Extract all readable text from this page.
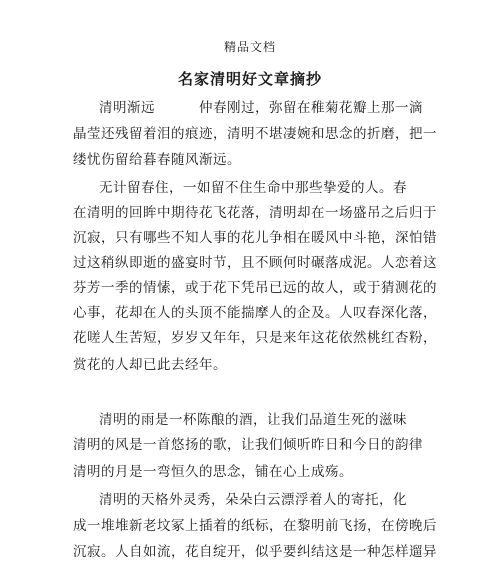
精品文档
名家清明好文章摘抄
清明渐远	仲春刚过，弥留在稚菊花瓣上那一滴
晶莹还残留着泪的痕迹，清明不堪凄婉和思念的折磨，把一
缕忧伤留给暮春随风渐远。
无计留春住，一如留不住生命中那些挚爱的人。春
在清明的回眸中期待花飞花落，清明却在一场盛吊之后归于
沉寂，只有哪些不知人事的花儿争相在暖风中斗艳，深怕错
过这稍纵即逝的盛宴时节，且不顾何时碾落成泥。人恋着这
芬芳一季的情愫，或于花下凭吊已远的故人，或于猜测花的
心事，花却在人的头顶不能揣摩人的企及。人叹春深化落，
花嗟人生苦短，岁岁又年年，只是来年这花依然桃红杏粉，
赏花的人却已此去经年。
清明的雨是一杯陈酿的酒，让我们品道生死的滋味
清明的风是一首悠扬的歌，让我们倾听昨日和今日的韵律
清明的月是一弯恒久的思念，铺在心上成殇。
清明的天格外灵秀，朵朵白云漂浮着人的寄托，化
成一堆堆新老坟冢上插着的纸标，在黎明前飞扬，在傍晚后
沉寂。人自如流，花自绽开，似乎要纠结这是一种怎样遛异
